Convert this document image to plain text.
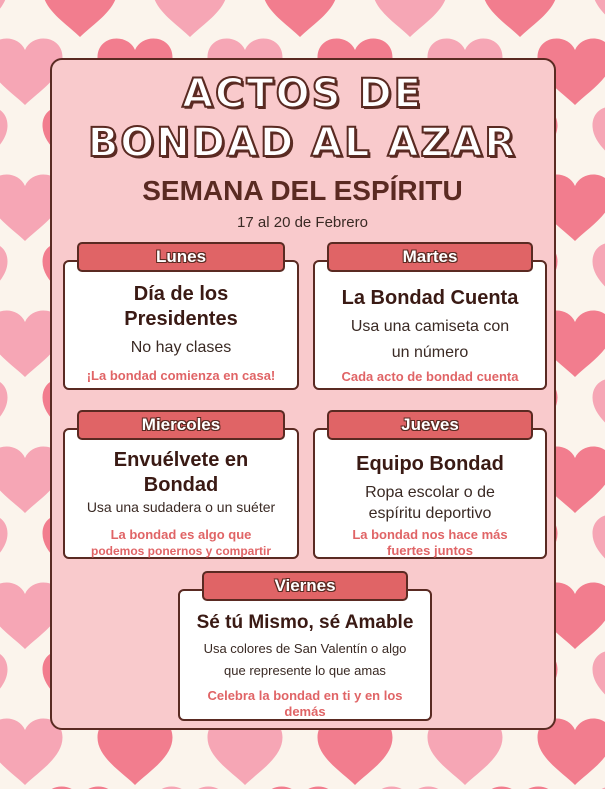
ACTOS DE
BONDAD AL AZAR
SEMANA DEL ESPÍRITU
17 al 20 de Febrero
Día de los
Presidentes
No hay clases
¡La bondad comienza en casa!
Lunes
La Bondad Cuenta
Usa una camiseta con
un número
Cada acto de bondad cuenta
Martes
Envuélvete en
Bondad
Usa una sudadera o un suéter
La bondad es algo que
podemos ponernos y compartir
Miercoles
Equipo Bondad
Ropa escolar o de
espíritu deportivo
La bondad nos hace más
fuertes juntos
Jueves
Sé tú Mismo, sé Amable
Usa colores de San Valentín o algo
que represente lo que amas
Celebra la bondad en ti y en los
demás
Viernes
